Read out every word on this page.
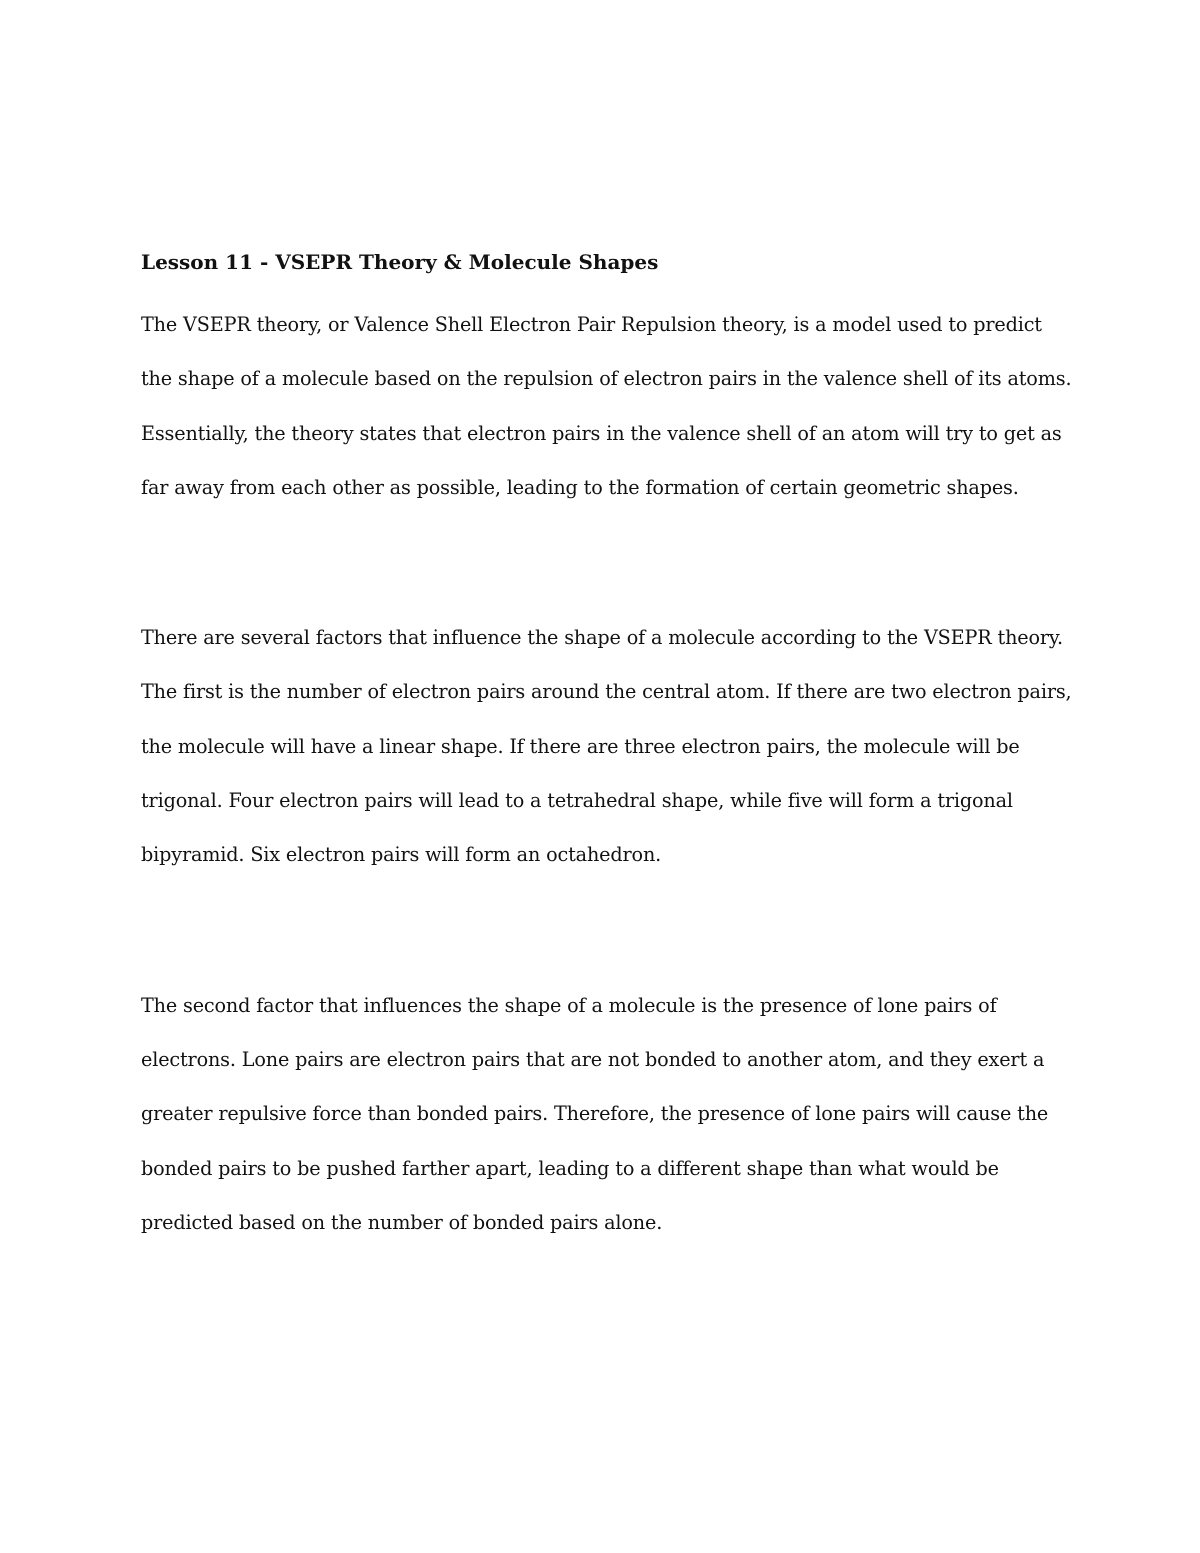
Lesson 11 - VSEPR Theory & Molecule Shapes
The VSEPR theory, or Valence Shell Electron Pair Repulsion theory, is a model used to predict
the shape of a molecule based on the repulsion of electron pairs in the valence shell of its atoms.
Essentially, the theory states that electron pairs in the valence shell of an atom will try to get as
far away from each other as possible, leading to the formation of certain geometric shapes.
There are several factors that influence the shape of a molecule according to the VSEPR theory.
The first is the number of electron pairs around the central atom. If there are two electron pairs,
the molecule will have a linear shape. If there are three electron pairs, the molecule will be
trigonal. Four electron pairs will lead to a tetrahedral shape, while five will form a trigonal
bipyramid. Six electron pairs will form an octahedron.
The second factor that influences the shape of a molecule is the presence of lone pairs of
electrons. Lone pairs are electron pairs that are not bonded to another atom, and they exert a
greater repulsive force than bonded pairs. Therefore, the presence of lone pairs will cause the
bonded pairs to be pushed farther apart, leading to a different shape than what would be
predicted based on the number of bonded pairs alone.
